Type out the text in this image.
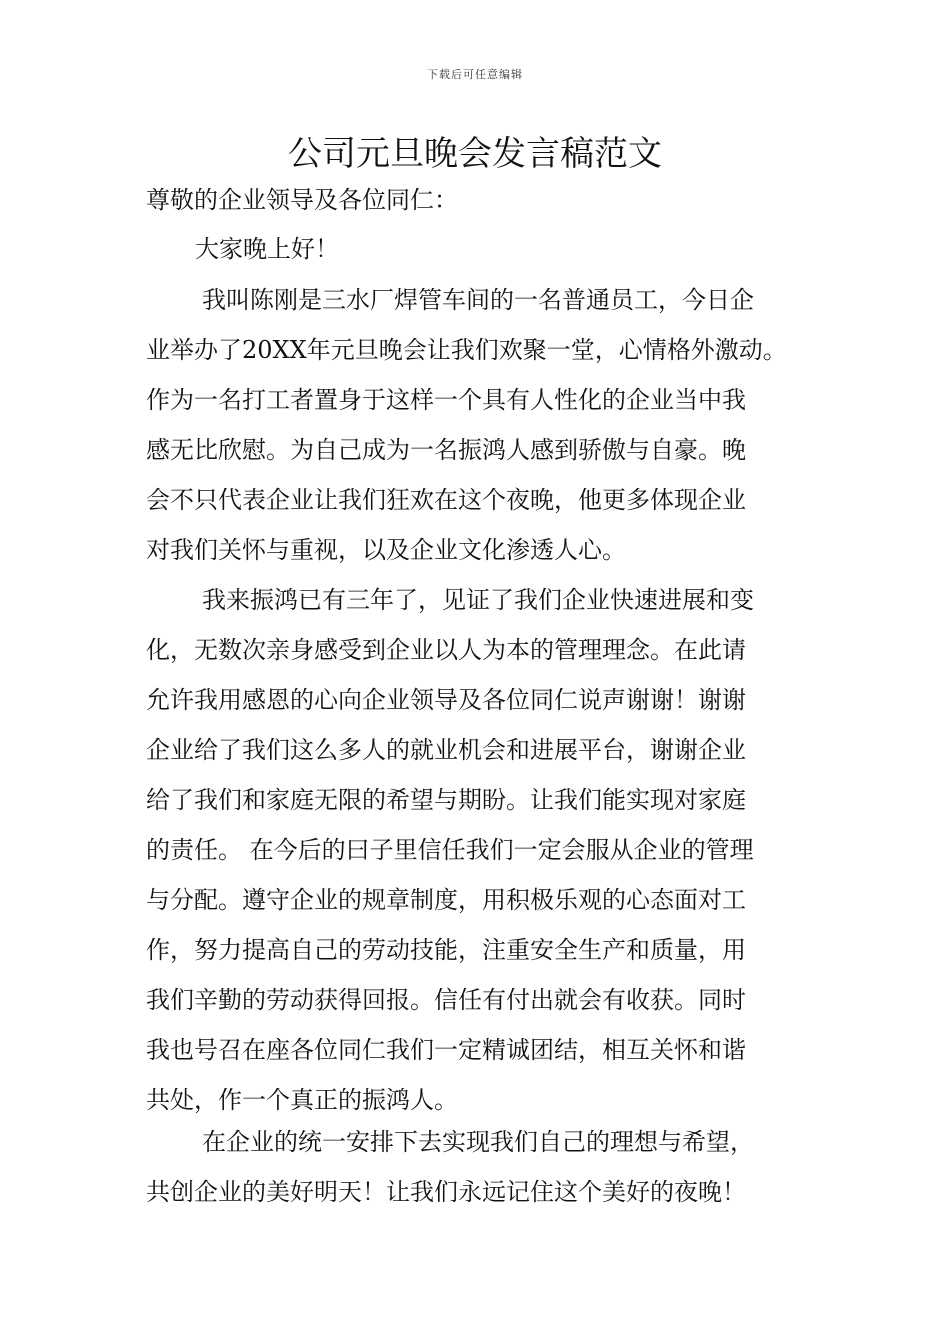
下载后可任意编辑
公司元旦晚会发言稿范文

尊敬的企业领导及各位同仁：

大家晚上好！

我叫陈刚是三水厂焊管车间的一名普通员工，今日企
业举办了20XX年元旦晚会让我们欢聚一堂，心情格外激动。
作为一名打工者置身于这样一个具有人性化的企业当中我
感无比欣慰。为自己成为一名振鸿人感到骄傲与自豪。晚
会不只代表企业让我们狂欢在这个夜晚，他更多体现企业
对我们关怀与重视，以及企业文化渗透人心。
我来振鸿已有三年了，见证了我们企业快速进展和变
化，无数次亲身感受到企业以人为本的管理理念。在此请
允许我用感恩的心向企业领导及各位同仁说声谢谢！谢谢
企业给了我们这么多人的就业机会和进展平台，谢谢企业
给了我们和家庭无限的希望与期盼。让我们能实现对家庭
的责任。 在今后的曰子里信任我们一定会服从企业的管理
与分配。遵守企业的规章制度，用积极乐观的心态面对工
作，努力提高自己的劳动技能，注重安全生产和质量，用
我们辛勤的劳动获得回报。信任有付出就会有收获。同时
我也号召在座各位同仁我们一定精诚团结，相互关怀和谐
共处，作一个真正的振鸿人。
在企业的统一安排下去实现我们自己的理想与希望，
共创企业的美好明天！让我们永远记住这个美好的夜晚！
